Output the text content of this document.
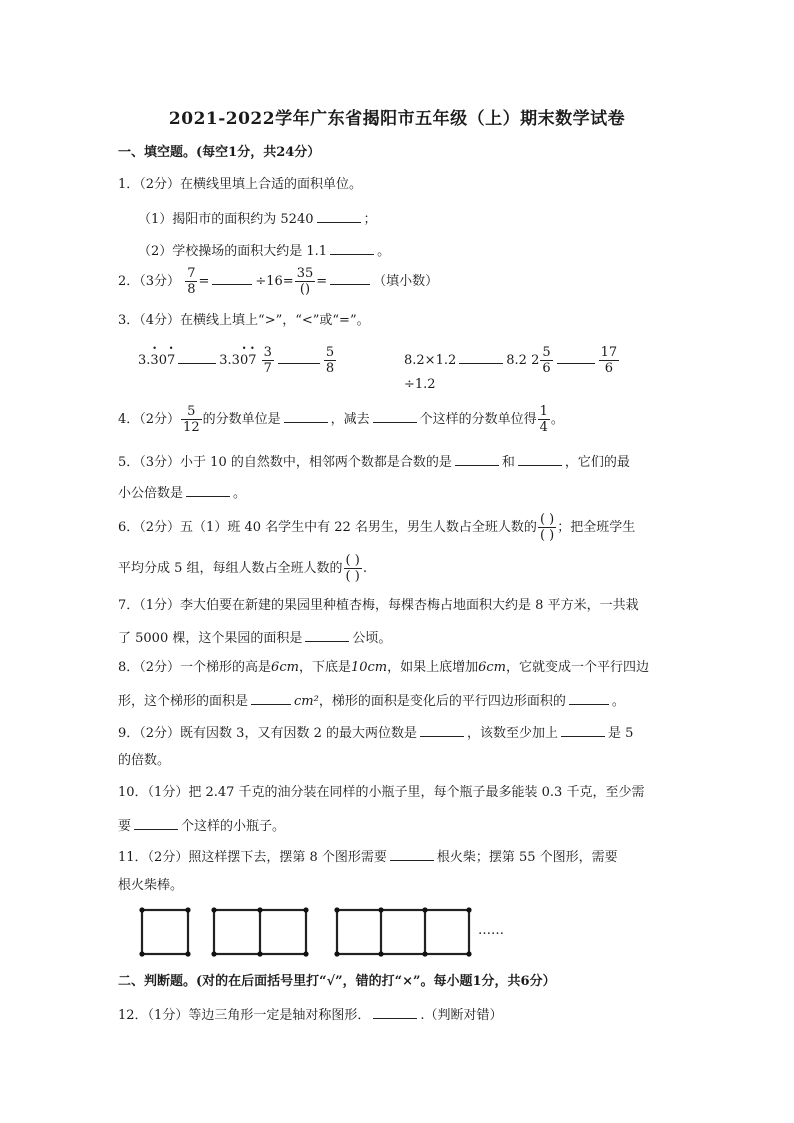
2021-2022学年广东省揭阳市五年级（上）期末数学试卷
一、填空题。(每空1分，共24分）
1．（2分）在横线里填上合适的面积单位。
（1）揭阳市的面积约为 5240	；
（2）学校操场的面积大约是 1.1	。
2．（3分） $\frac{7}{8}$ =	$\div 16= \frac{35}{()}$ =	（填小数）
3．（4分）在横线上填上“>”，“<”或“=”。
3.• 30• 7	3.3• 0• $7 \frac{3}{7}$	$\frac{5}{8}$	8.2×1.2	8.2 $2 \frac{5}{6}$	$\frac{17}{6}$
÷1.2
4．（2分） $\frac{5}{12}$ 的分数单位是	，减去	个这样的分数单位得 $\frac{1}{4}$ 。
5．（3分）小于 10 的自然数中，相邻两个数都是合数的是	和	，它们的最
小公倍数是	。
6．（2分）五（1）班 40 名学生中有 22 名男生，男生人数占全班人数的 $\frac{( )}{( )}$ ；把全班学生
平均分成 5 组，每组人数占全班人数的 $\frac{( )}{( )}$ .
7．（1分）李大伯要在新建的果园里种植杏梅，每棵杏梅占地面积大约是 8 平方米，一共栽
了 5000 棵，这个果园的面积是	公顷。
8．（2分）一个梯形的高是6cm，下底是10cm，如果上底增加6cm，它就变成一个平行四边
形，这个梯形的面积是	cm²，梯形的面积是变化后的平行四边形面积的	。
9．（2分）既有因数 3，又有因数 2 的最大两位数是	，该数至少加上	是 5
的倍数。
10．（1分）把 2.47 千克的油分装在同样的小瓶子里，每个瓶子最多能装 0.3 千克，至少需
要	个这样的小瓶子。
11．（2分）照这样摆下去，摆第 8 个图形需要	根火柴；摆第 55 个图形，需要
根火柴棒。
……
二、判断题。(对的在后面括号里打“√”，错的打“×”。每小题1分，共6分）
12．（1分）等边三角形一定是轴对称图形．	.（判断对错）
